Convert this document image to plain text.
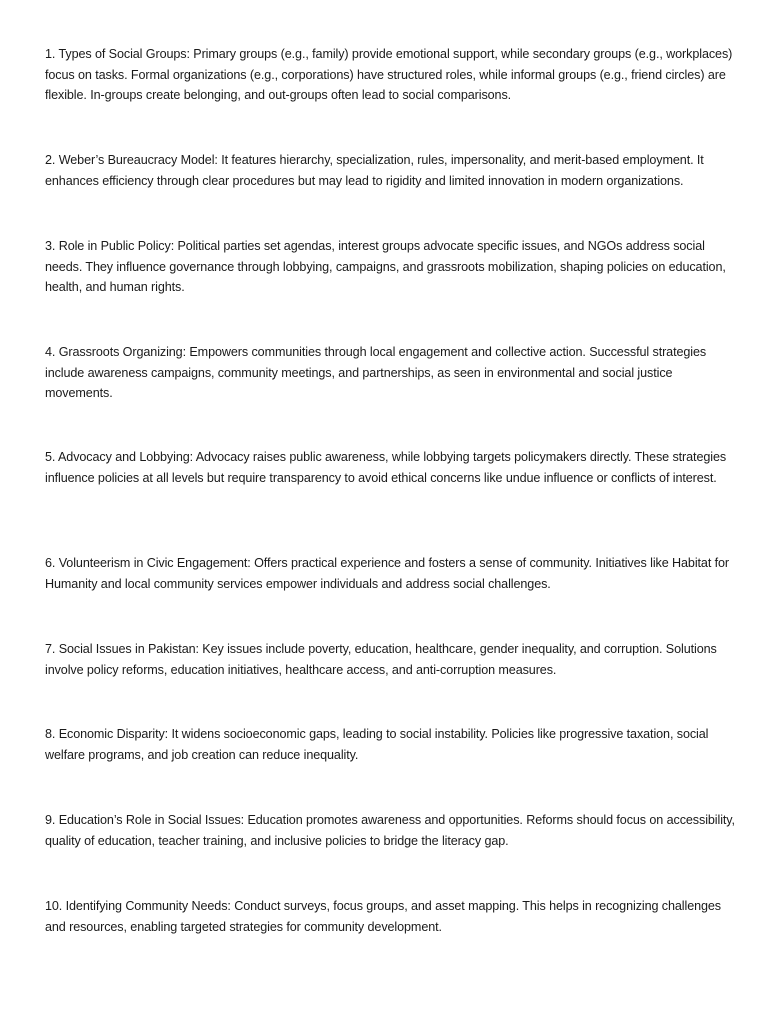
1. Types of Social Groups: Primary groups (e.g., family) provide emotional support, while secondary groups (e.g., workplaces) focus on tasks. Formal organizations (e.g., corporations) have structured roles, while informal groups (e.g., friend circles) are flexible. In-groups create belonging, and out-groups often lead to social comparisons.

2. Weber’s Bureaucracy Model: It features hierarchy, specialization, rules, impersonality, and merit-based employment. It enhances efficiency through clear procedures but may lead to rigidity and limited innovation in modern organizations.

3. Role in Public Policy: Political parties set agendas, interest groups advocate specific issues, and NGOs address social needs. They influence governance through lobbying, campaigns, and grassroots mobilization, shaping policies on education, health, and human rights.

4. Grassroots Organizing: Empowers communities through local engagement and collective action. Successful strategies include awareness campaigns, community meetings, and partnerships, as seen in environmental and social justice movements.

5. Advocacy and Lobbying: Advocacy raises public awareness, while lobbying targets policymakers directly. These strategies influence policies at all levels but require transparency to avoid ethical concerns like undue influence or conflicts of interest.

6. Volunteerism in Civic Engagement: Offers practical experience and fosters a sense of community. Initiatives like Habitat for Humanity and local community services empower individuals and address social challenges.

7. Social Issues in Pakistan: Key issues include poverty, education, healthcare, gender inequality, and corruption. Solutions involve policy reforms, education initiatives, healthcare access, and anti-corruption measures.

8. Economic Disparity: It widens socioeconomic gaps, leading to social instability. Policies like progressive taxation, social welfare programs, and job creation can reduce inequality.

9. Education’s Role in Social Issues: Education promotes awareness and opportunities. Reforms should focus on accessibility, quality of education, teacher training, and inclusive policies to bridge the literacy gap.

10. Identifying Community Needs: Conduct surveys, focus groups, and asset mapping. This helps in recognizing challenges and resources, enabling targeted strategies for community development.
